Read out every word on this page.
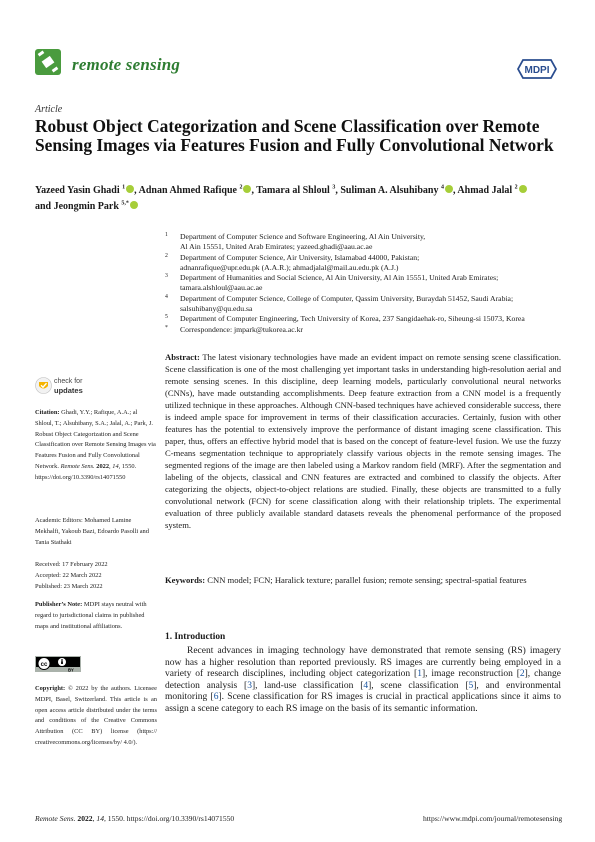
remote sensing	MDPI
Article
Robust Object Categorization and Scene Classification over Remote Sensing Images via Features Fusion and Fully Convolutional Network
Yazeed Yasin Ghadi $^1$ , Adnan Ahmed Rafique $^2$ , Tamara al Shloul $^3$, Suliman A. Alsuhibany $^4$ , Ahmad Jalal $^2$
and Jeongmin Park $^{5,*}$
1 Department of Computer Science and Software Engineering, Al Ain University,
Al Ain 15551, United Arab Emirates; yazeed.ghadi@aau.ac.ae
2 Department of Computer Science, Air University, Islamabad 44000, Pakistan;
adnanrafique@upr.edu.pk (A.A.R.); ahmadjalal@mail.au.edu.pk (A.J.)
3 Department of Humanities and Social Science, Al Ain University, Al Ain 15551, United Arab Emirates;
tamara.alshloul@aau.ac.ae
4 Department of Computer Science, College of Computer, Qassim University, Buraydah 51452, Saudi Arabia;
salsuhibany@qu.edu.sa
5 Department of Computer Engineering, Tech University of Korea, 237 Sangidaehak-ro, Siheung-si 15073, Korea
* Correspondence: jmpark@tukorea.ac.kr
Abstract: The latest visionary technologies have made an evident impact on remote sensing scene classification. Scene classification is one of the most challenging yet important tasks in understanding high-resolution aerial and remote sensing scenes. In this discipline, deep learning models, particularly convolutional neural networks (CNNs), have made outstanding accomplishments. Deep feature extraction from a CNN model is a frequently utilized technique in these approaches. Although CNN-based techniques have achieved considerable success, there is indeed ample space for improvement in terms of their classification accuracies. Certainly, fusion with other features has the potential to extensively improve the performance of distant imaging scene classification. This paper, thus, offers an effective hybrid model that is based on the concept of feature-level fusion. We use the fuzzy C-means segmentation technique to appropriately classify various objects in the remote sensing images. The segmented regions of the image are then labeled using a Markov random field (MRF). After the segmentation and labeling of the objects, classical and CNN features are extracted and combined to classify the objects. After categorizing the objects, object-to-object relations are studied. Finally, these objects are transmitted to a fully convolutional network (FCN) for scene classification along with their relationship triplets. The experimental evaluation of three publicly available standard datasets reveals the phenomenal performance of the proposed system.
Keywords: CNN model; FCN; Haralick texture; parallel fusion; remote sensing; spectral-spatial features
check for
updates
Citation: Ghadi, Y.Y.; Rafique, A.A.; al Shloul, T.; Alsuhibany, S.A.; Jalal, A.; Park, J. Robust Object Categorization and Scene Classification over Remote Sensing Images via Features Fusion and Fully Convolutional Network. Remote Sens. 2022, 14, 1550. https://doi.org/10.3390/rs14071550
Academic Editors: Mohamed Lamine Mekhalfi, Yakoub Bazi, Edoardo Pasolli and Tania Stathaki
Received: 17 February 2022
Accepted: 22 March 2022
Published: 23 March 2022
Publisher’s Note: MDPI stays neutral with regard to jurisdictional claims in published maps and institutional affiliations.
cc
BY
Copyright: © 2022 by the authors. Licensee MDPI, Basel, Switzerland. This article is an open access article distributed under the terms and conditions of the Creative Commons Attribution (CC BY) license (https:// creativecommons.org/licenses/by/ 4.0/).
1. Introduction
Recent advances in imaging technology have demonstrated that remote sensing (RS) imagery now has a higher resolution than reported previously. RS images are currently being employed in a variety of research disciplines, including object categorization [1], image reconstruction [2], change detection analysis [3], land-use classification [4], scene classification [5], and environmental monitoring [6]. Scene classification for RS images is crucial in practical applications since it aims to assign a scene category to each RS image on the basis of its semantic information.
Remote Sens. 2022, 14, 1550. https://doi.org/10.3390/rs14071550	https://www.mdpi.com/journal/remotesensing
